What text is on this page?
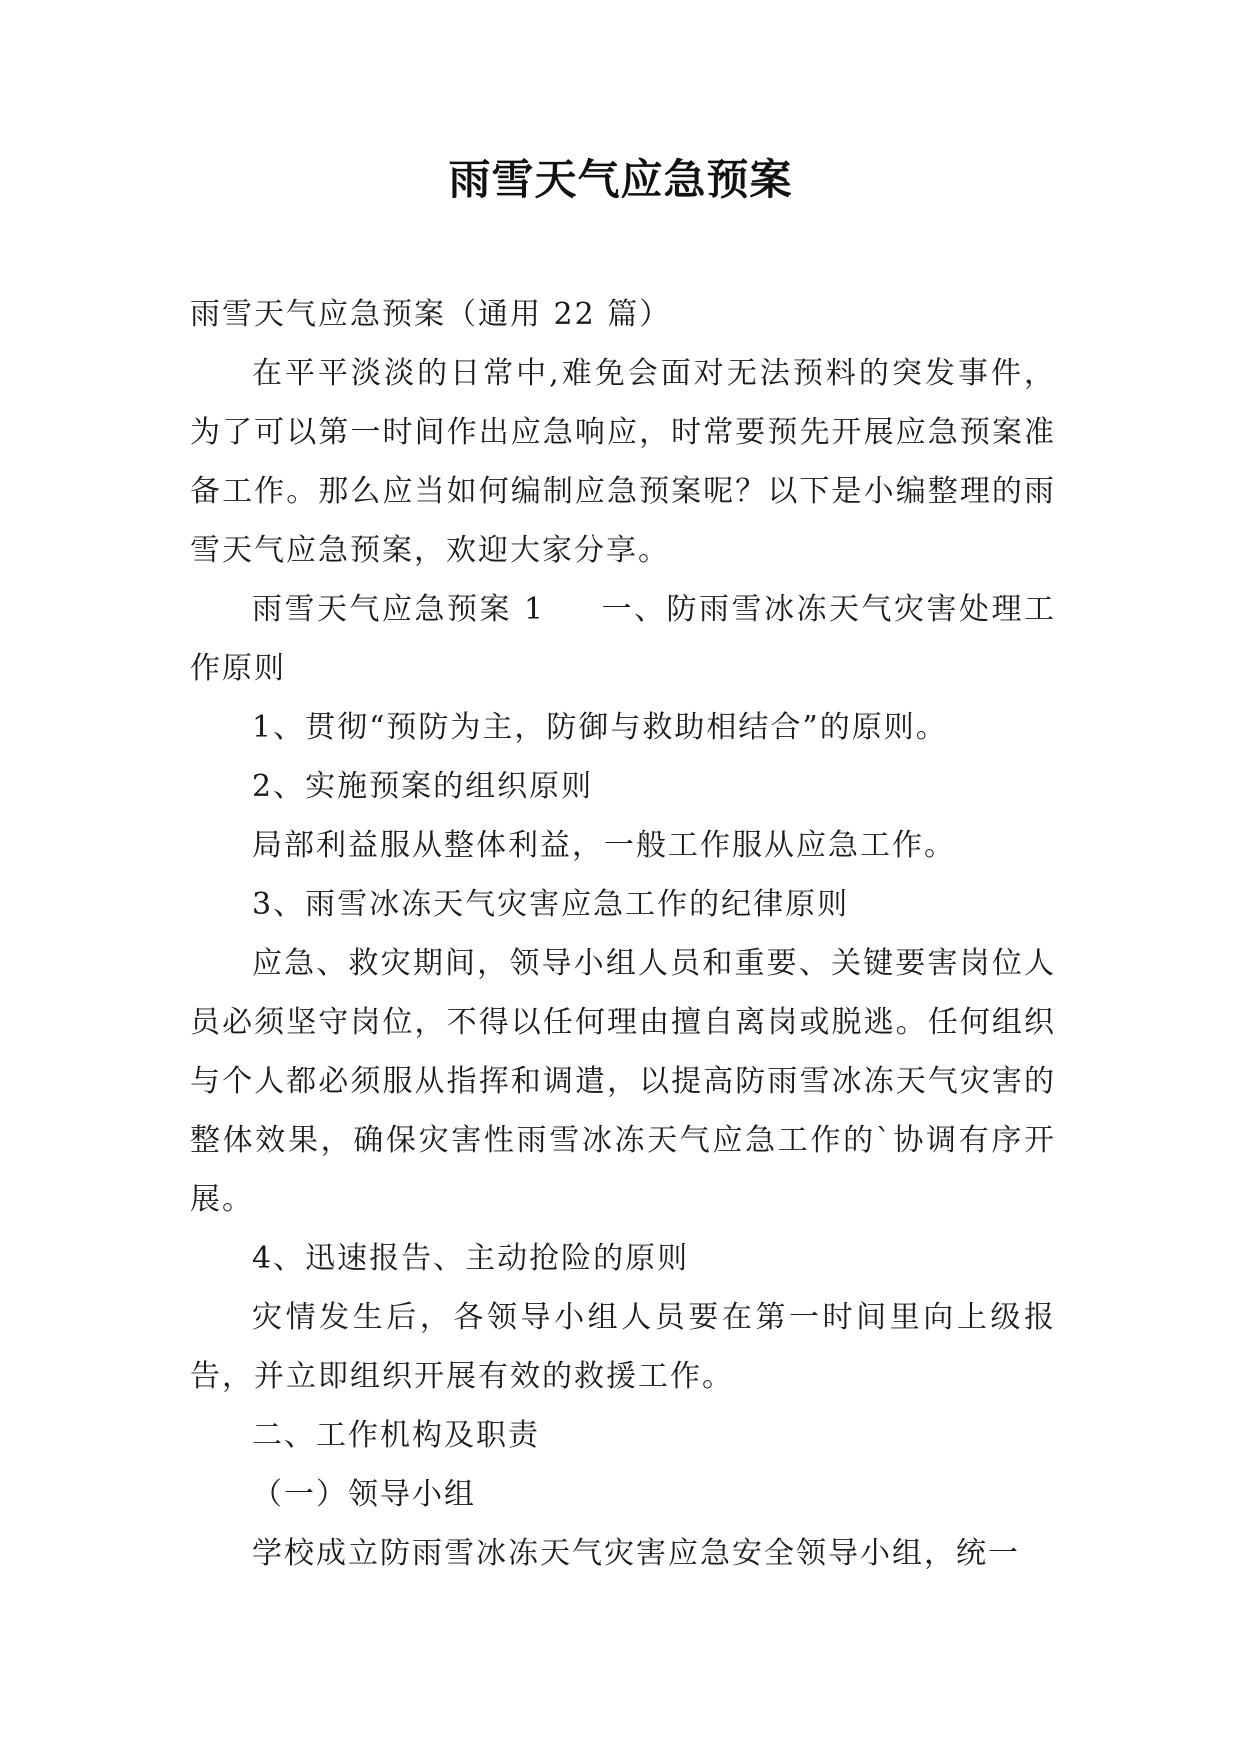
雨雪天气应急预案

雨雪天气应急预案（通用 22 篇）

在平平淡淡的日常中,难免会面对无法预料的突发事件，为了可以第一时间作出应急响应，时常要预先开展应急预案准备工作。那么应当如何编制应急预案呢？以下是小编整理的雨雪天气应急预案，欢迎大家分享。

雨雪天气应急预案 1 一、防雨雪冰冻天气灾害处理工作原则

1、贯彻“预防为主，防御与救助相结合”的原则。

2、实施预案的组织原则

局部利益服从整体利益，一般工作服从应急工作。

3、雨雪冰冻天气灾害应急工作的纪律原则

应急、救灾期间，领导小组人员和重要、关键要害岗位人员必须坚守岗位，不得以任何理由擅自离岗或脱逃。任何组织与个人都必须服从指挥和调遣，以提高防雨雪冰冻天气灾害的整体效果，确保灾害性雨雪冰冻天气应急工作的`协调有序开展。

4、迅速报告、主动抢险的原则

灾情发生后，各领导小组人员要在第一时间里向上级报告，并立即组织开展有效的救援工作。

二、工作机构及职责

（一）领导小组

学校成立防雨雪冰冻天气灾害应急安全领导小组，统一
